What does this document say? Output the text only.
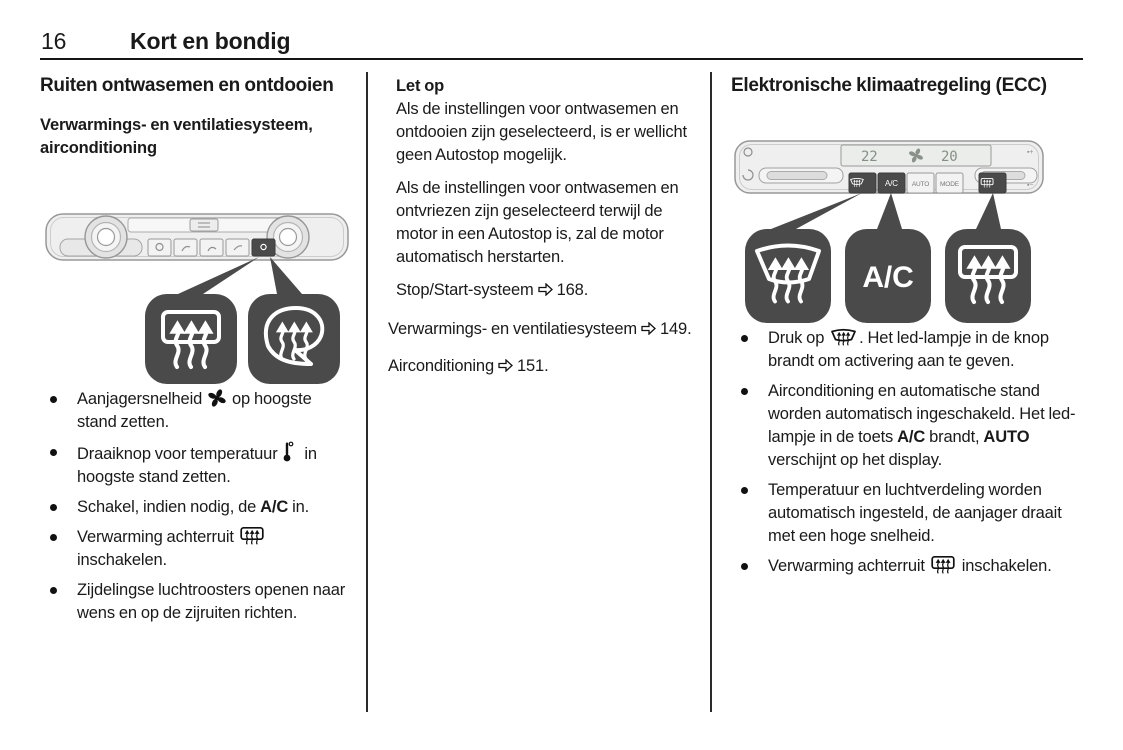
16	Kort en bondig
Ruiten ontwasemen en ontdooien
Verwarmings- en ventilatiesysteem, airconditioning
Aanjagersnelheid  op hoogste stand zetten.
Draaiknop voor temperatuur  in hoogste stand zetten.
Schakel, indien nodig, de A/C in.
Verwarming achterruit  inschakelen.
Zijdelingse luchtroosters openen naar wens en op de zijruiten richten.

Let op

Als de instellingen voor ontwasemen en ontdooien zijn geselecteerd, is er wellicht geen Autostop mogelijk.

Als de instellingen voor ontwasemen en ontvriezen zijn geselecteerd terwijl de motor in een Autostop is, zal de motor automatisch herstarten.

Stop/Start-systeem 168.

Verwarmings- en ventilatiesysteem 149.

Airconditioning 151.

Elektronische klimaatregeling (ECC)
22	20	▪+
▪−
A/C AUTO MODE
A/C
Druk op . Het led-lampje in de knop brandt om activering aan te geven.
Airconditioning en automatische stand worden automatisch ingeschakeld. Het led-lampje in de toets A/C brandt, AUTO verschijnt op het display.
Temperatuur en luchtverdeling worden automatisch ingesteld, de aanjager draait met een hoge snelheid.
Verwarming achterruit  inschakelen.
